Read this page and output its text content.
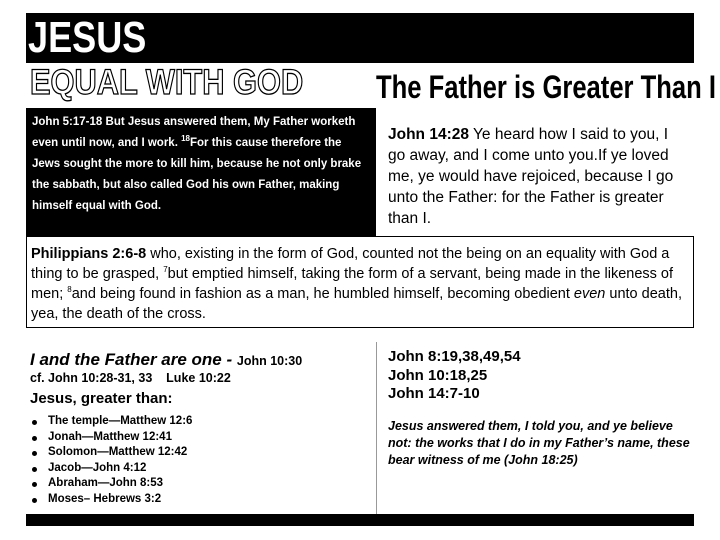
JESUS
EQUAL WITH GOD The Father is Greater Than I
John 5:17-18 But Jesus answered them, My Father worketh even until now, and I work. $^{18}$For this cause therefore the Jews sought the more to kill him, because he not only brake the sabbath, but also called God his own Father, making himself equal with God.
John 14:28 Ye heard how I said to you, I go away, and I come unto you.If ye loved me, ye would have rejoiced, because I go unto the Father: for the Father is greater than I.
Philippians 2:6-8 who, existing in the form of God, counted not the being on an equality with God a thing to be grasped, $^7$but emptied himself, taking the form of a servant, being made in the likeness of men; $^8$and being found in fashion as a man, he humbled himself, becoming obedient even unto death, yea, the death of the cross.
I and the Father are one - John 10:30
cf. John 10:28-31, 33    Luke 10:22
Jesus, greater than:
The temple—Matthew 12:6
Jonah—Matthew 12:41
Solomon—Matthew 12:42
Jacob—John 4:12
Abraham—John 8:53
Moses– Hebrews 3:2
John 8:19,38,49,54
John 10:18,25
John 14:7-10
Jesus answered them, I told you, and ye believe not: the works that I do in my Father’s name, these bear witness of me (John 18:25)
